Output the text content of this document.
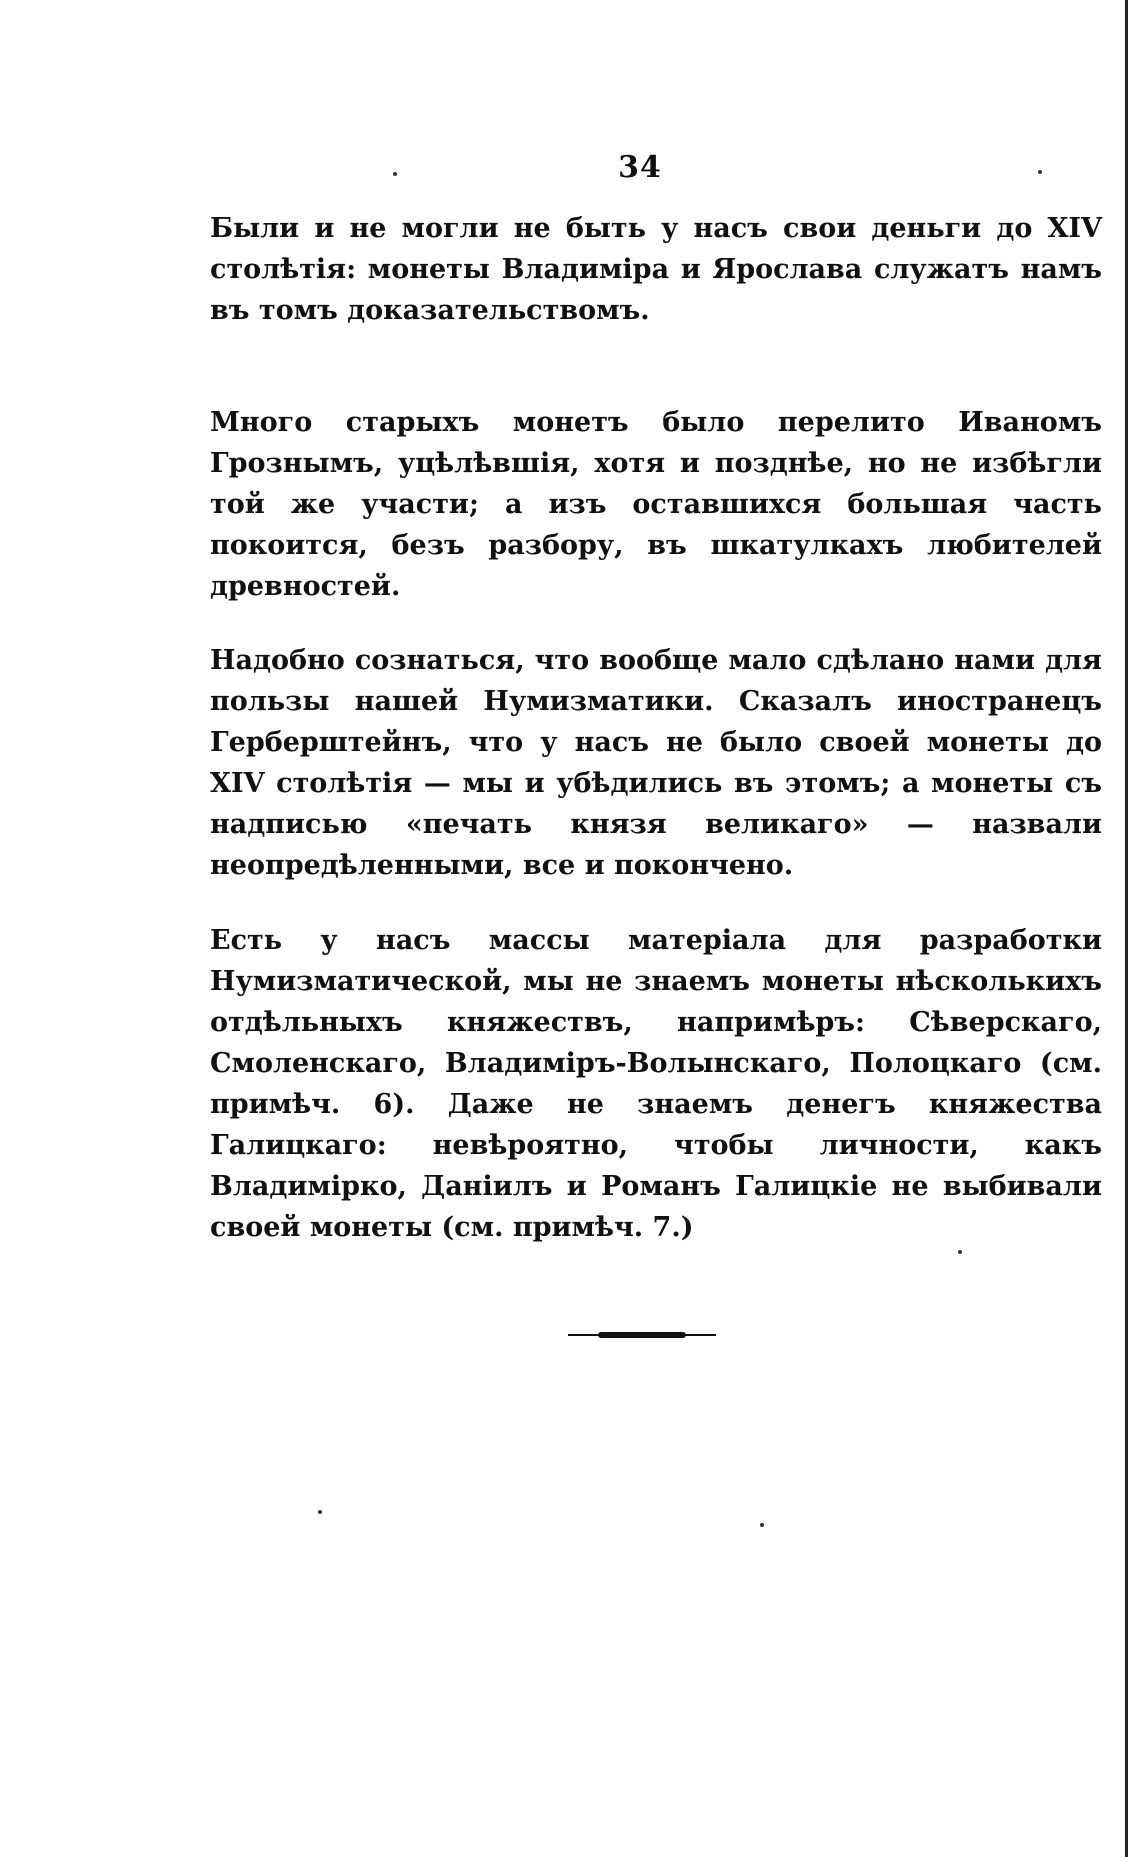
34

Были и не могли не быть у насъ свои деньги до XIV столѣтія: монеты Владиміра и Ярослава служатъ намъ въ томъ доказательствомъ.

Много старыхъ монетъ было перелито Иваномъ Грознымъ, уцѣлѣвшія, хотя и позднѣе, но не избѣгли той же участи; а изъ оставшихся большая часть покоится, безъ разбору, въ шкатулкахъ любителей древностей.

Надобно сознаться, что вообще мало сдѣлано нами для пользы нашей Нумизматики. Сказалъ иностранецъ Герберштейнъ, что у насъ не было своей монеты до XIV столѣтія — мы и убѣдились въ этомъ; а монеты съ надписью «печать князя великаго» — назвали неопредѣленными, все и покончено.

Есть у насъ массы матеріала для разработки Нумизматической, мы не знаемъ монеты нѣсколькихъ отдѣльныхъ княжествъ, напримѣръ: Сѣверскаго, Смоленскаго, Владиміръ-Волынскаго, Полоцкаго (см. примѣч. 6). Даже не знаемъ денегъ княжества Галицкаго: невѣроятно, чтобы личности, какъ Владимірко, Даніилъ и Романъ Галицкіе не выбивали своей монеты (см. примѣч. 7.)
